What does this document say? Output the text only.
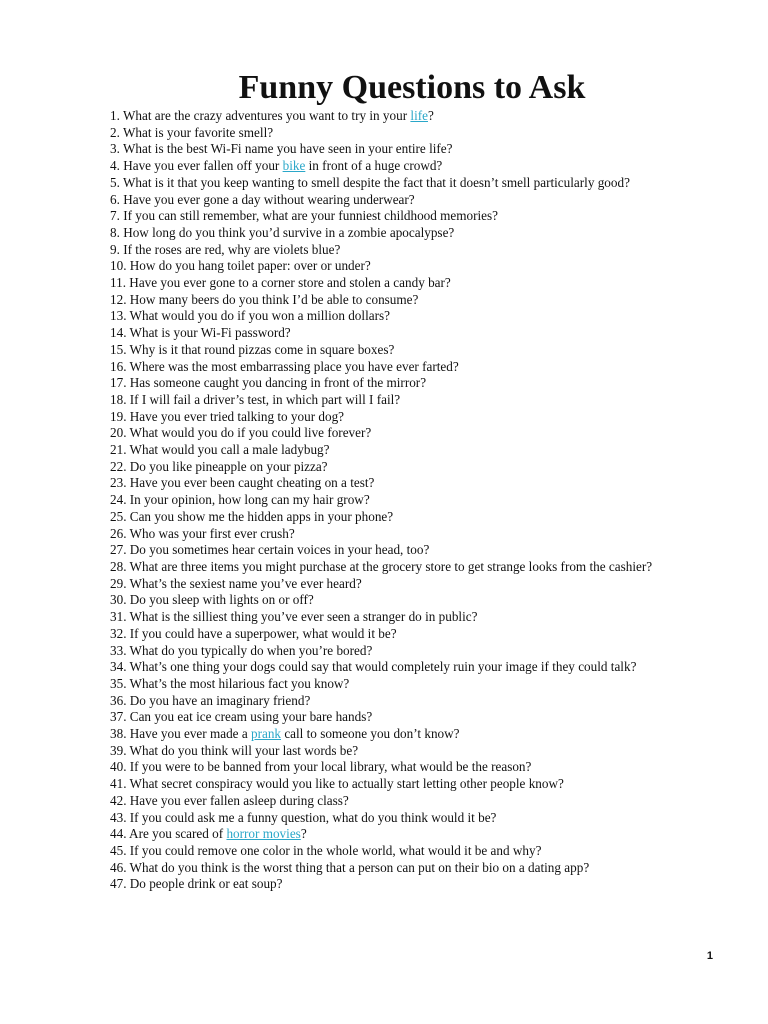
Funny Questions to Ask
1. What are the crazy adventures you want to try in your life?
2. What is your favorite smell?
3. What is the best Wi-Fi name you have seen in your entire life?
4. Have you ever fallen off your bike in front of a huge crowd?
5. What is it that you keep wanting to smell despite the fact that it doesn’t smell particularly good?
6. Have you ever gone a day without wearing underwear?
7. If you can still remember, what are your funniest childhood memories?
8. How long do you think you’d survive in a zombie apocalypse?
9. If the roses are red, why are violets blue?
10. How do you hang toilet paper: over or under?
11. Have you ever gone to a corner store and stolen a candy bar?
12. How many beers do you think I’d be able to consume?
13. What would you do if you won a million dollars?
14. What is your Wi-Fi password?
15. Why is it that round pizzas come in square boxes?
16. Where was the most embarrassing place you have ever farted?
17. Has someone caught you dancing in front of the mirror?
18. If I will fail a driver’s test, in which part will I fail?
19. Have you ever tried talking to your dog?
20. What would you do if you could live forever?
21. What would you call a male ladybug?
22. Do you like pineapple on your pizza?
23. Have you ever been caught cheating on a test?
24. In your opinion, how long can my hair grow?
25. Can you show me the hidden apps in your phone?
26. Who was your first ever crush?
27. Do you sometimes hear certain voices in your head, too?
28. What are three items you might purchase at the grocery store to get strange looks from the cashier?
29. What’s the sexiest name you’ve ever heard?
30. Do you sleep with lights on or off?
31. What is the silliest thing you’ve ever seen a stranger do in public?
32. If you could have a superpower, what would it be?
33. What do you typically do when you’re bored?
34. What’s one thing your dogs could say that would completely ruin your image if they could talk?
35. What’s the most hilarious fact you know?
36. Do you have an imaginary friend?
37. Can you eat ice cream using your bare hands?
38. Have you ever made a prank call to someone you don’t know?
39. What do you think will your last words be?
40. If you were to be banned from your local library, what would be the reason?
41. What secret conspiracy would you like to actually start letting other people know?
42. Have you ever fallen asleep during class?
43. If you could ask me a funny question, what do you think would it be?
44. Are you scared of horror movies?
45. If you could remove one color in the whole world, what would it be and why?
46. What do you think is the worst thing that a person can put on their bio on a dating app?
47. Do people drink or eat soup?
1
